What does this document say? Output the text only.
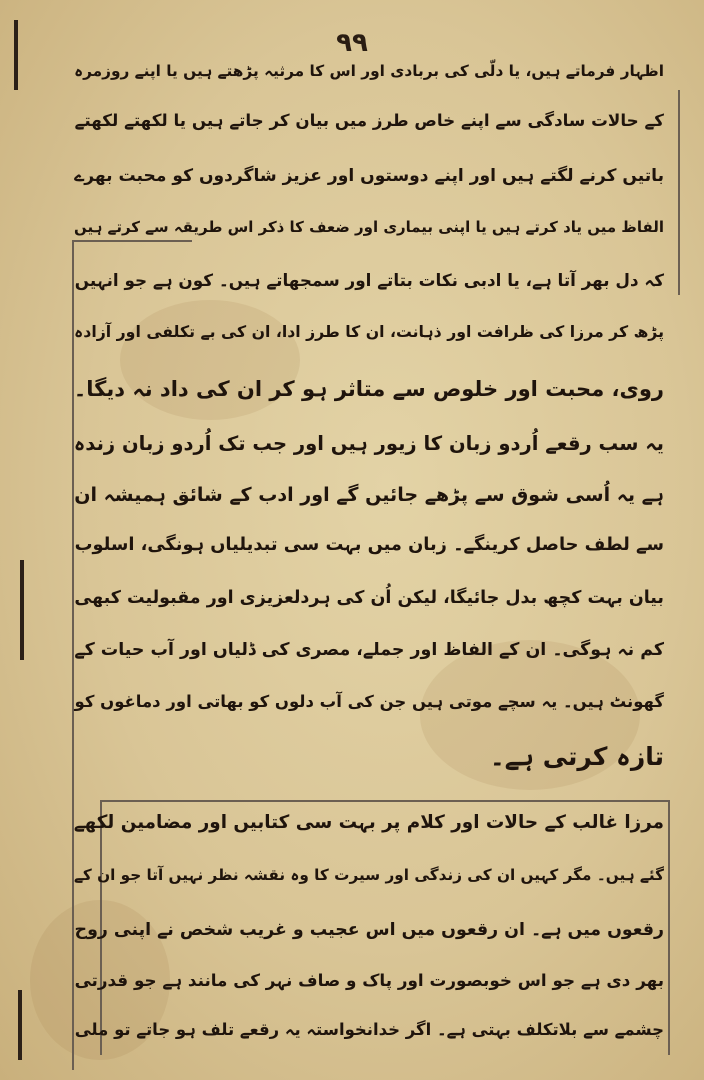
۹۹
اظہار فرماتے ہیں، یا دلّی کی بربادی اور اس کا مرثیہ پڑھتے ہیں یا اپنے روزمرہ
کے حالات سادگی سے اپنے خاص طرز میں بیان کر جاتے ہیں یا لکھتے لکھتے
باتیں کرنے لگتے ہیں اور اپنے دوستوں اور عزیز شاگردوں کو محبت بھرے
الفاظ میں یاد کرتے ہیں یا اپنی بیماری اور ضعف کا ذکر اس طریقہ سے کرتے ہیں
کہ دل بھر آتا ہے، یا ادبی نکات بتاتے اور سمجھاتے ہیں۔ کون ہے جو انہیں
پڑھ کر مرزا کی ظرافت اور ذہانت، ان کا طرز ادا، ان کی بے تکلفی اور آزادہ
روی، محبت اور خلوص سے متاثر ہو کر ان کی داد نہ دیگا۔
یہ سب رقعے اُردو زبان کا زیور ہیں اور جب تک اُردو زبان زندہ
ہے یہ اُسی شوق سے پڑھے جائیں گے اور ادب کے شائق ہمیشہ ان
سے لطف حاصل کرینگے۔ زبان میں بہت سی تبدیلیاں ہونگی، اسلوب
بیان بہت کچھ بدل جائیگا، لیکن اُن کی ہردلعزیزی اور مقبولیت کبھی
کم نہ ہوگی۔ ان کے الفاظ اور جملے، مصری کی ڈلیاں اور آب حیات کے
گھونٹ ہیں۔ یہ سچے موتی ہیں جن کی آب دلوں کو بھاتی اور دماغوں کو
تازہ کرتی ہے۔
مرزا غالب کے حالات اور کلام پر بہت سی کتابیں اور مضامین لکھے
گئے ہیں۔ مگر کہیں ان کی زندگی اور سیرت کا وہ نقشہ نظر نہیں آتا جو ان کے
رقعوں میں ہے۔ ان رقعوں میں اس عجیب و غریب شخص نے اپنی روح
بھر دی ہے جو اس خوبصورت اور پاک و صاف نہر کی مانند ہے جو قدرتی
چشمے سے بلاتکلف بہتی ہے۔ اگر خدانخواستہ یہ رقعے تلف ہو جاتے تو ملی
